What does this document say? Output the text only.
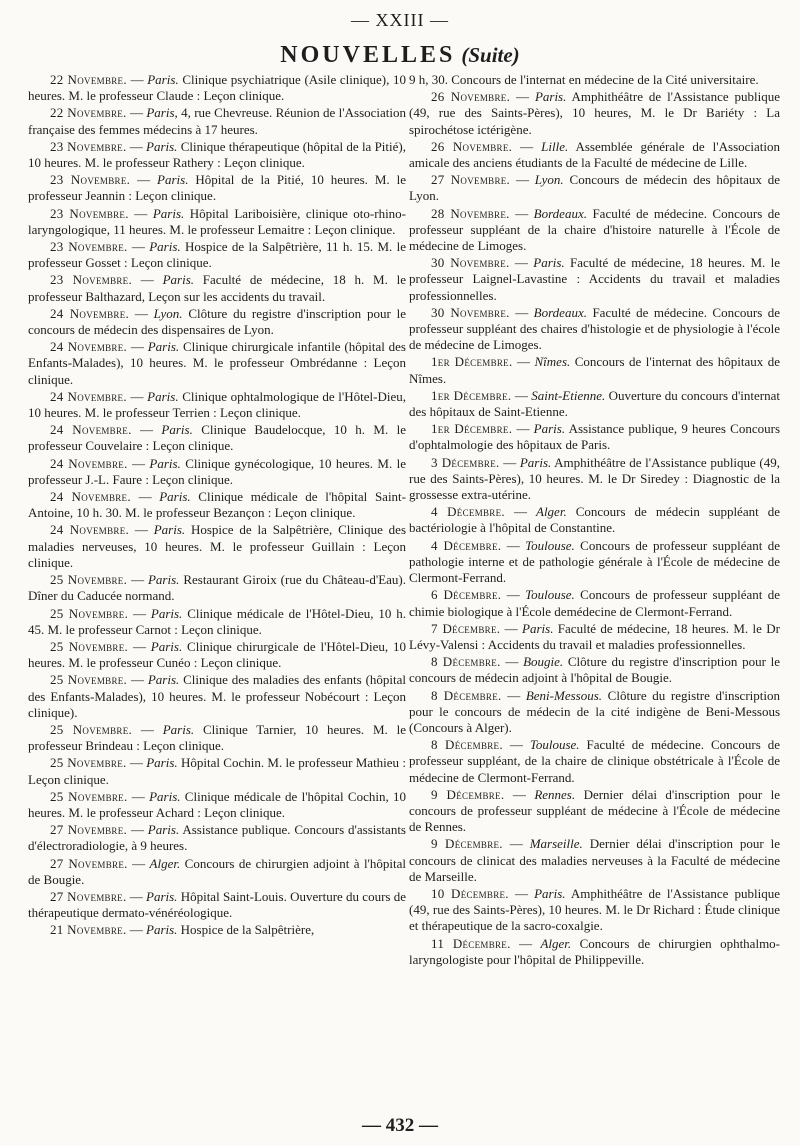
— XXIII —
NOUVELLES (Suite)

22 Novembre. — Paris. Clinique psychiatrique (Asile clinique), 10 heures. M. le professeur Claude : Leçon clinique.

22 Novembre. — Paris, 4, rue Chevreuse. Réunion de l'Association française des femmes médecins à 17 heures.

23 Novembre. — Paris. Clinique thérapeutique (hôpital de la Pitié), 10 heures. M. le professeur Rathery : Leçon clinique.

23 Novembre. — Paris. Hôpital de la Pitié, 10 heures. M. le professeur Jeannin : Leçon clinique.

23 Novembre. — Paris. Hôpital Lariboisière, clinique oto-rhino-laryngologique, 11 heures. M. le professeur Lemaitre : Leçon clinique.

23 Novembre. — Paris. Hospice de la Salpêtrière, 11 h. 15. M. le professeur Gosset : Leçon clinique.

23 Novembre. — Paris. Faculté de médecine, 18 h. M. le professeur Balthazard, Leçon sur les accidents du travail.

24 Novembre. — Lyon. Clôture du registre d'inscription pour le concours de médecin des dispensaires de Lyon.

24 Novembre. — Paris. Clinique chirurgicale infantile (hôpital des Enfants-Malades), 10 heures. M. le professeur Ombrédanne : Leçon clinique.

24 Novembre. — Paris. Clinique ophtalmologique de l'Hôtel-Dieu, 10 heures. M. le professeur Terrien : Leçon clinique.

24 Novembre. — Paris. Clinique Baudelocque, 10 h. M. le professeur Couvelaire : Leçon clinique.

24 Novembre. — Paris. Clinique gynécologique, 10 heures. M. le professeur J.-L. Faure : Leçon clinique.

24 Novembre. — Paris. Clinique médicale de l'hôpital Saint-Antoine, 10 h. 30. M. le professeur Bezançon : Leçon clinique.

24 Novembre. — Paris. Hospice de la Salpêtrière, Clinique des maladies nerveuses, 10 heures. M. le professeur Guillain : Leçon clinique.

25 Novembre. — Paris. Restaurant Giroix (rue du Château-d'Eau). Dîner du Caducée normand.

25 Novembre. — Paris. Clinique médicale de l'Hôtel-Dieu, 10 h. 45. M. le professeur Carnot : Leçon clinique.

25 Novembre. — Paris. Clinique chirurgicale de l'Hôtel-Dieu, 10 heures. M. le professeur Cunéo : Leçon clinique.

25 Novembre. — Paris. Clinique des maladies des enfants (hôpital des Enfants-Malades), 10 heures. M. le professeur Nobécourt : Leçon clinique).

25 Novembre. — Paris. Clinique Tarnier, 10 heures. M. le professeur Brindeau : Leçon clinique.

25 Novembre. — Paris. Hôpital Cochin. M. le professeur Mathieu : Leçon clinique.

25 Novembre. — Paris. Clinique médicale de l'hôpital Cochin, 10 heures. M. le professeur Achard : Leçon clinique.

27 Novembre. — Paris. Assistance publique. Concours d'assistants d'électroradiologie, à 9 heures.

27 Novembre. — Alger. Concours de chirurgien adjoint à l'hôpital de Bougie.

27 Novembre. — Paris. Hôpital Saint-Louis. Ouverture du cours de thérapeutique dermato-vénéréologique.

21 Novembre. — Paris. Hospice de la Salpêtrière,

9 h, 30. Concours de l'internat en médecine de la Cité universitaire.

26 Novembre. — Paris. Amphithéâtre de l'Assistance publique (49, rue des Saints-Pères), 10 heures, M. le Dr Bariéty : La spirochétose ictérigène.

26 Novembre. — Lille. Assemblée générale de l'Association amicale des anciens étudiants de la Faculté de médecine de Lille.

27 Novembre. — Lyon. Concours de médecin des hôpitaux de Lyon.

28 Novembre. — Bordeaux. Faculté de médecine. Concours de professeur suppléant de la chaire d'histoire naturelle à l'École de médecine de Limoges.

30 Novembre. — Paris. Faculté de médecine, 18 heures. M. le professeur Laignel-Lavastine : Accidents du travail et maladies professionnelles.

30 Novembre. — Bordeaux. Faculté de médecine. Concours de professeur suppléant des chaires d'histologie et de physiologie à l'école de médecine de Limoges.

1er Décembre. — Nîmes. Concours de l'internat des hôpitaux de Nîmes.

1er Décembre. — Saint-Etienne. Ouverture du concours d'internat des hôpitaux de Saint-Etienne.

1er Décembre. — Paris. Assistance publique, 9 heures Concours d'ophtalmologie des hôpitaux de Paris.

3 Décembre. — Paris. Amphithéâtre de l'Assistance publique (49, rue des Saints-Pères), 10 heures. M. le Dr Siredey : Diagnostic de la grossesse extra-utérine.

4 Décembre. — Alger. Concours de médecin suppléant de bactériologie à l'hôpital de Constantine.

4 Décembre. — Toulouse. Concours de professeur suppléant de pathologie interne et de pathologie générale à l'École de médecine de Clermont-Ferrand.

6 Décembre. — Toulouse. Concours de professeur suppléant de chimie biologique à l'École demédecine de Clermont-Ferrand.

7 Décembre. — Paris. Faculté de médecine, 18 heures. M. le Dr Lévy-Valensi : Accidents du travail et maladies professionnelles.

8 Décembre. — Bougie. Clôture du registre d'inscription pour le concours de médecin adjoint à l'hôpital de Bougie.

8 Décembre. — Beni-Messous. Clôture du registre d'inscription pour le concours de médecin de la cité indigène de Beni-Messous (Concours à Alger).

8 Décembre. — Toulouse. Faculté de médecine. Concours de professeur suppléant, de la chaire de clinique obstétricale à l'École de médecine de Clermont-Ferrand.

9 Décembre. — Rennes. Dernier délai d'inscription pour le concours de professeur suppléant de médecine à l'École de médecine de Rennes.

9 Décembre. — Marseille. Dernier délai d'inscription pour le concours de clinicat des maladies nerveuses à la Faculté de médecine de Marseille.

10 Décembre. — Paris. Amphithéâtre de l'Assistance publique (49, rue des Saints-Pères), 10 heures. M. le Dr Richard : Étude clinique et thérapeutique de la sacro-coxalgie.

11 Décembre. — Alger. Concours de chirurgien ophthalmo-laryngologiste pour l'hôpital de Philippeville.

— 432 —
